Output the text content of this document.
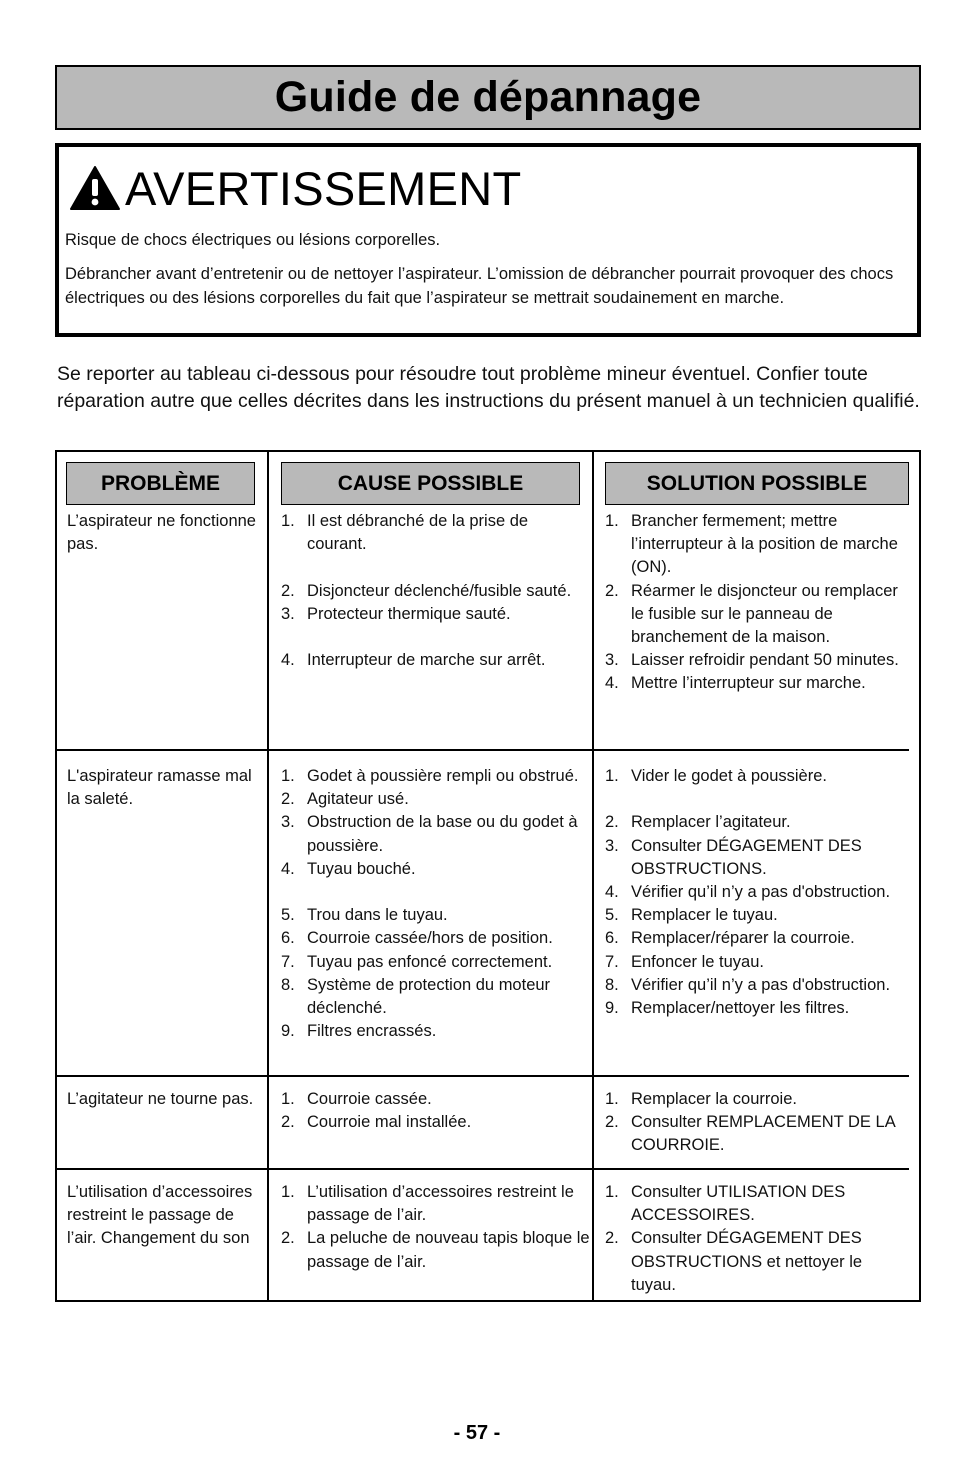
Guide de dépannage
AVERTISSEMENT

Risque de chocs électriques ou lésions corporelles.

Débrancher avant d’entretenir ou de nettoyer l’aspirateur. L’omission de débrancher pourrait provoquer des chocs électriques ou des lésions corporelles du fait que l’aspirateur se mettrait soudainement en marche.

Se reporter au tableau ci-dessous pour résoudre tout problème mineur éventuel. Confier toute réparation autre que celles décrites dans les instructions du présent manuel à un technicien qualifié.

PROBLÈME	CAUSE POSSIBLE	SOLUTION POSSIBLE
L’aspirateur ne fonctionne pas.
1. Il est débranché de la prise de courant.
2. Disjoncteur déclenché/fusible sauté.
3. Protecteur thermique sauté.
4. Interrupteur de marche sur arrêt.
1. Brancher fermement; mettre l’interrupteur à la position de marche (ON).
2. Réarmer le disjoncteur ou remplacer le fusible sur le panneau de branchement de la maison.
3. Laisser refroidir pendant 50 minutes.
4. Mettre l’interrupteur sur marche.
L'aspirateur ramasse mal la saleté.
1. Godet à poussière rempli ou obstrué.
2. Agitateur usé.
3. Obstruction de la base ou du godet à poussière.
4. Tuyau bouché.
5. Trou dans le tuyau.
6. Courroie cassée/hors de position.
7. Tuyau pas enfoncé correctement.
8. Système de protection du moteur déclenché.
9. Filtres encrassés.
1. Vider le godet à poussière.
2. Remplacer l’agitateur.
3. Consulter DÉGAGEMENT DES OBSTRUCTIONS.
4. Vérifier qu’il n’y a pas d'obstruction.
5. Remplacer le tuyau.
6. Remplacer/réparer la courroie.
7. Enfoncer le tuyau.
8. Vérifier qu’il n’y a pas d'obstruction.
9. Remplacer/nettoyer les filtres.
L’agitateur ne tourne pas. 1. Courroie cassée.
2. Courroie mal installée.
1. Remplacer la courroie.
2. Consulter REMPLACEMENT DE LA COURROIE.
L’utilisation d’accessoires restreint le passage de l’air. Changement du son
1. L’utilisation d’accessoires restreint le passage de l’air.
2. La peluche de nouveau tapis bloque le passage de l’air.
1. Consulter UTILISATION DES ACCESSOIRES.
2. Consulter DÉGAGEMENT DES OBSTRUCTIONS et nettoyer le tuyau.
- 57 -
